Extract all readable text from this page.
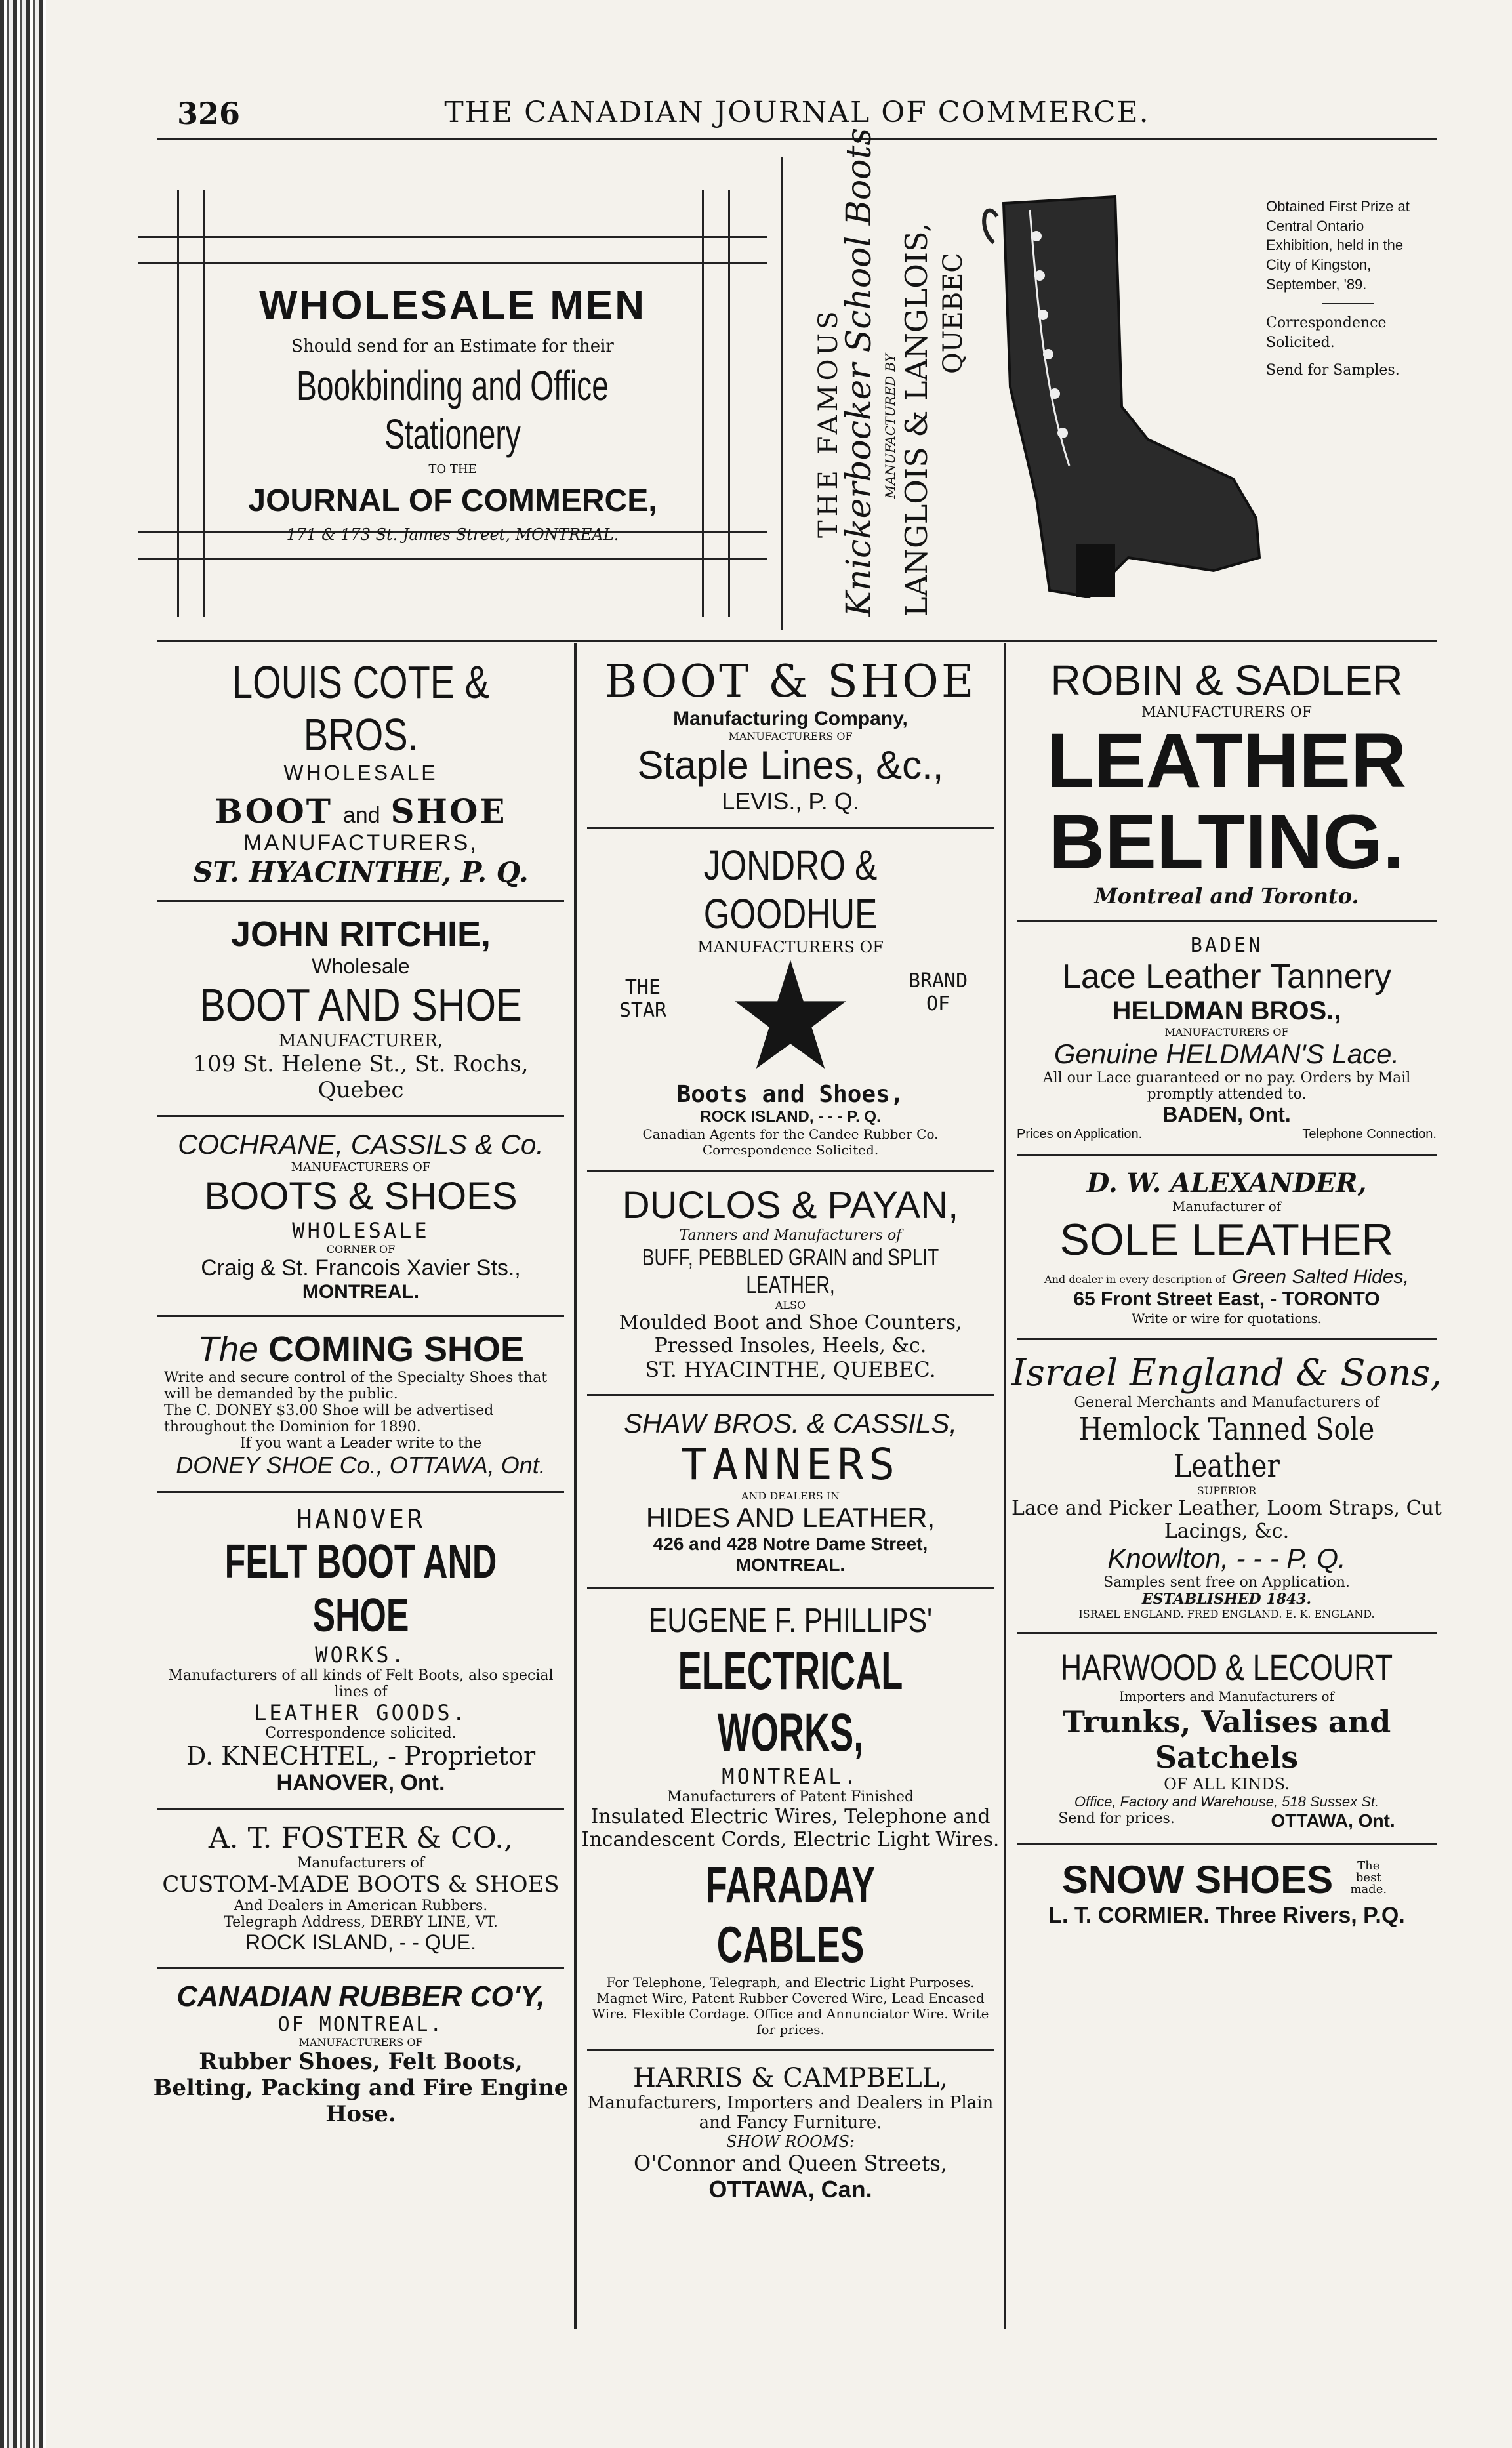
326	THE CANADIAN JOURNAL OF COMMERCE.

WHOLESALE MEN

Should send for an Estimate for their

Bookbinding and Office Stationery

TO THE

JOURNAL OF COMMERCE,

171 & 173 St. James Street, MONTREAL.	THE FAMOUS
Knickerbocker School Boots MANUFACTURED BY LANGLOIS & LANGLOIS, QUEBEC

Obtained First Prize at Central Ontario Exhibition, held in the City of Kingston, September, '89.

Correspondence Solicited.

Send for Samples.

LOUIS COTE & BROS.

WHOLESALE

BOOT and SHOE

MANUFACTURERS,

ST. HYACINTHE, P. Q.

JOHN RITCHIE,

Wholesale

BOOT AND SHOE

MANUFACTURER,

109 St. Helene St., St. Rochs, Quebec

COCHRANE, CASSILS & Co.

MANUFACTURERS OF

BOOTS & SHOES

WHOLESALE

CORNER OF

Craig & St. Francois Xavier Sts.,

MONTREAL.

The COMING SHOE

Write and secure control of the Specialty Shoes that will be demanded by the public.

The C. DONEY $3.00 Shoe will be advertised throughout the Dominion for 1890.

If you want a Leader write to the

DONEY SHOE Co., OTTAWA, Ont.

HANOVER

FELT BOOT AND SHOE

WORKS.

Manufacturers of all kinds of Felt Boots, also special lines of

LEATHER GOODS.

Correspondence solicited.

D. KNECHTEL, - Proprietor

HANOVER, Ont.

A. T. FOSTER & CO.,

Manufacturers of

CUSTOM-MADE BOOTS & SHOES

And Dealers in American Rubbers.

Telegraph Address, DERBY LINE, VT.

ROCK ISLAND, - - QUE.

CANADIAN RUBBER CO'Y,

OF MONTREAL.

MANUFACTURERS OF

Rubber Shoes, Felt Boots, Belting, Packing and Fire Engine Hose.

BOOT & SHOE

Manufacturing Company,

MANUFACTURERS OF

Staple Lines, &c.,

LEVIS., P. Q.

JONDRO & GOODHUE

MANUFACTURERS OF

THE STAR

BRAND OF

Boots and Shoes,

ROCK ISLAND, - - - P. Q.

Canadian Agents for the Candee Rubber Co.

Correspondence Solicited.

DUCLOS & PAYAN,

Tanners and Manufacturers of

BUFF, PEBBLED GRAIN and SPLIT LEATHER,

ALSO

Moulded Boot and Shoe Counters, Pressed Insoles, Heels, &c.

ST. HYACINTHE, QUEBEC.

SHAW BROS. & CASSILS,

TANNERS

AND DEALERS IN

HIDES AND LEATHER,

426 and 428 Notre Dame Street,

MONTREAL.

EUGENE F. PHILLIPS'

ELECTRICAL WORKS,

MONTREAL.

Manufacturers of Patent Finished

Insulated Electric Wires, Telephone and Incandescent Cords, Electric Light Wires.

FARADAY CABLES

For Telephone, Telegraph, and Electric Light Purposes.

Magnet Wire, Patent Rubber Covered Wire, Lead Encased Wire. Flexible Cordage. Office and Annunciator Wire. Write for prices.

HARRIS & CAMPBELL,

Manufacturers, Importers and Dealers in Plain and Fancy Furniture.

SHOW ROOMS:

O'Connor and Queen Streets,

OTTAWA, Can.

ROBIN & SADLER

MANUFACTURERS OF

LEATHER

BELTING.

Montreal and Toronto.

BADEN

Lace Leather Tannery

HELDMAN BROS.,

MANUFACTURERS OF

Genuine HELDMAN'S Lace.

All our Lace guaranteed or no pay. Orders by Mail promptly attended to.

BADEN, Ont.

Prices on Application.	Telephone Connection.

D. W. ALEXANDER,

Manufacturer of

SOLE LEATHER

And dealer in every description of Green Salted Hides,

65 Front Street East, - TORONTO

Write or wire for quotations.

Israel England & Sons,

General Merchants and Manufacturers of

Hemlock Tanned Sole Leather

SUPERIOR

Lace and Picker Leather, Loom Straps, Cut Lacings, &c.

Knowlton, - - - P. Q.

Samples sent free on Application.

ESTABLISHED 1843.

ISRAEL ENGLAND. FRED ENGLAND. E. K. ENGLAND.

HARWOOD & LECOURT

Importers and Manufacturers of

Trunks, Valises and Satchels

OF ALL KINDS.

Office, Factory and Warehouse, 518 Sussex St.

Send for prices.	OTTAWA, Ont.

SNOW SHOES The best made.

L. T. CORMIER. Three Rivers, P.Q.
